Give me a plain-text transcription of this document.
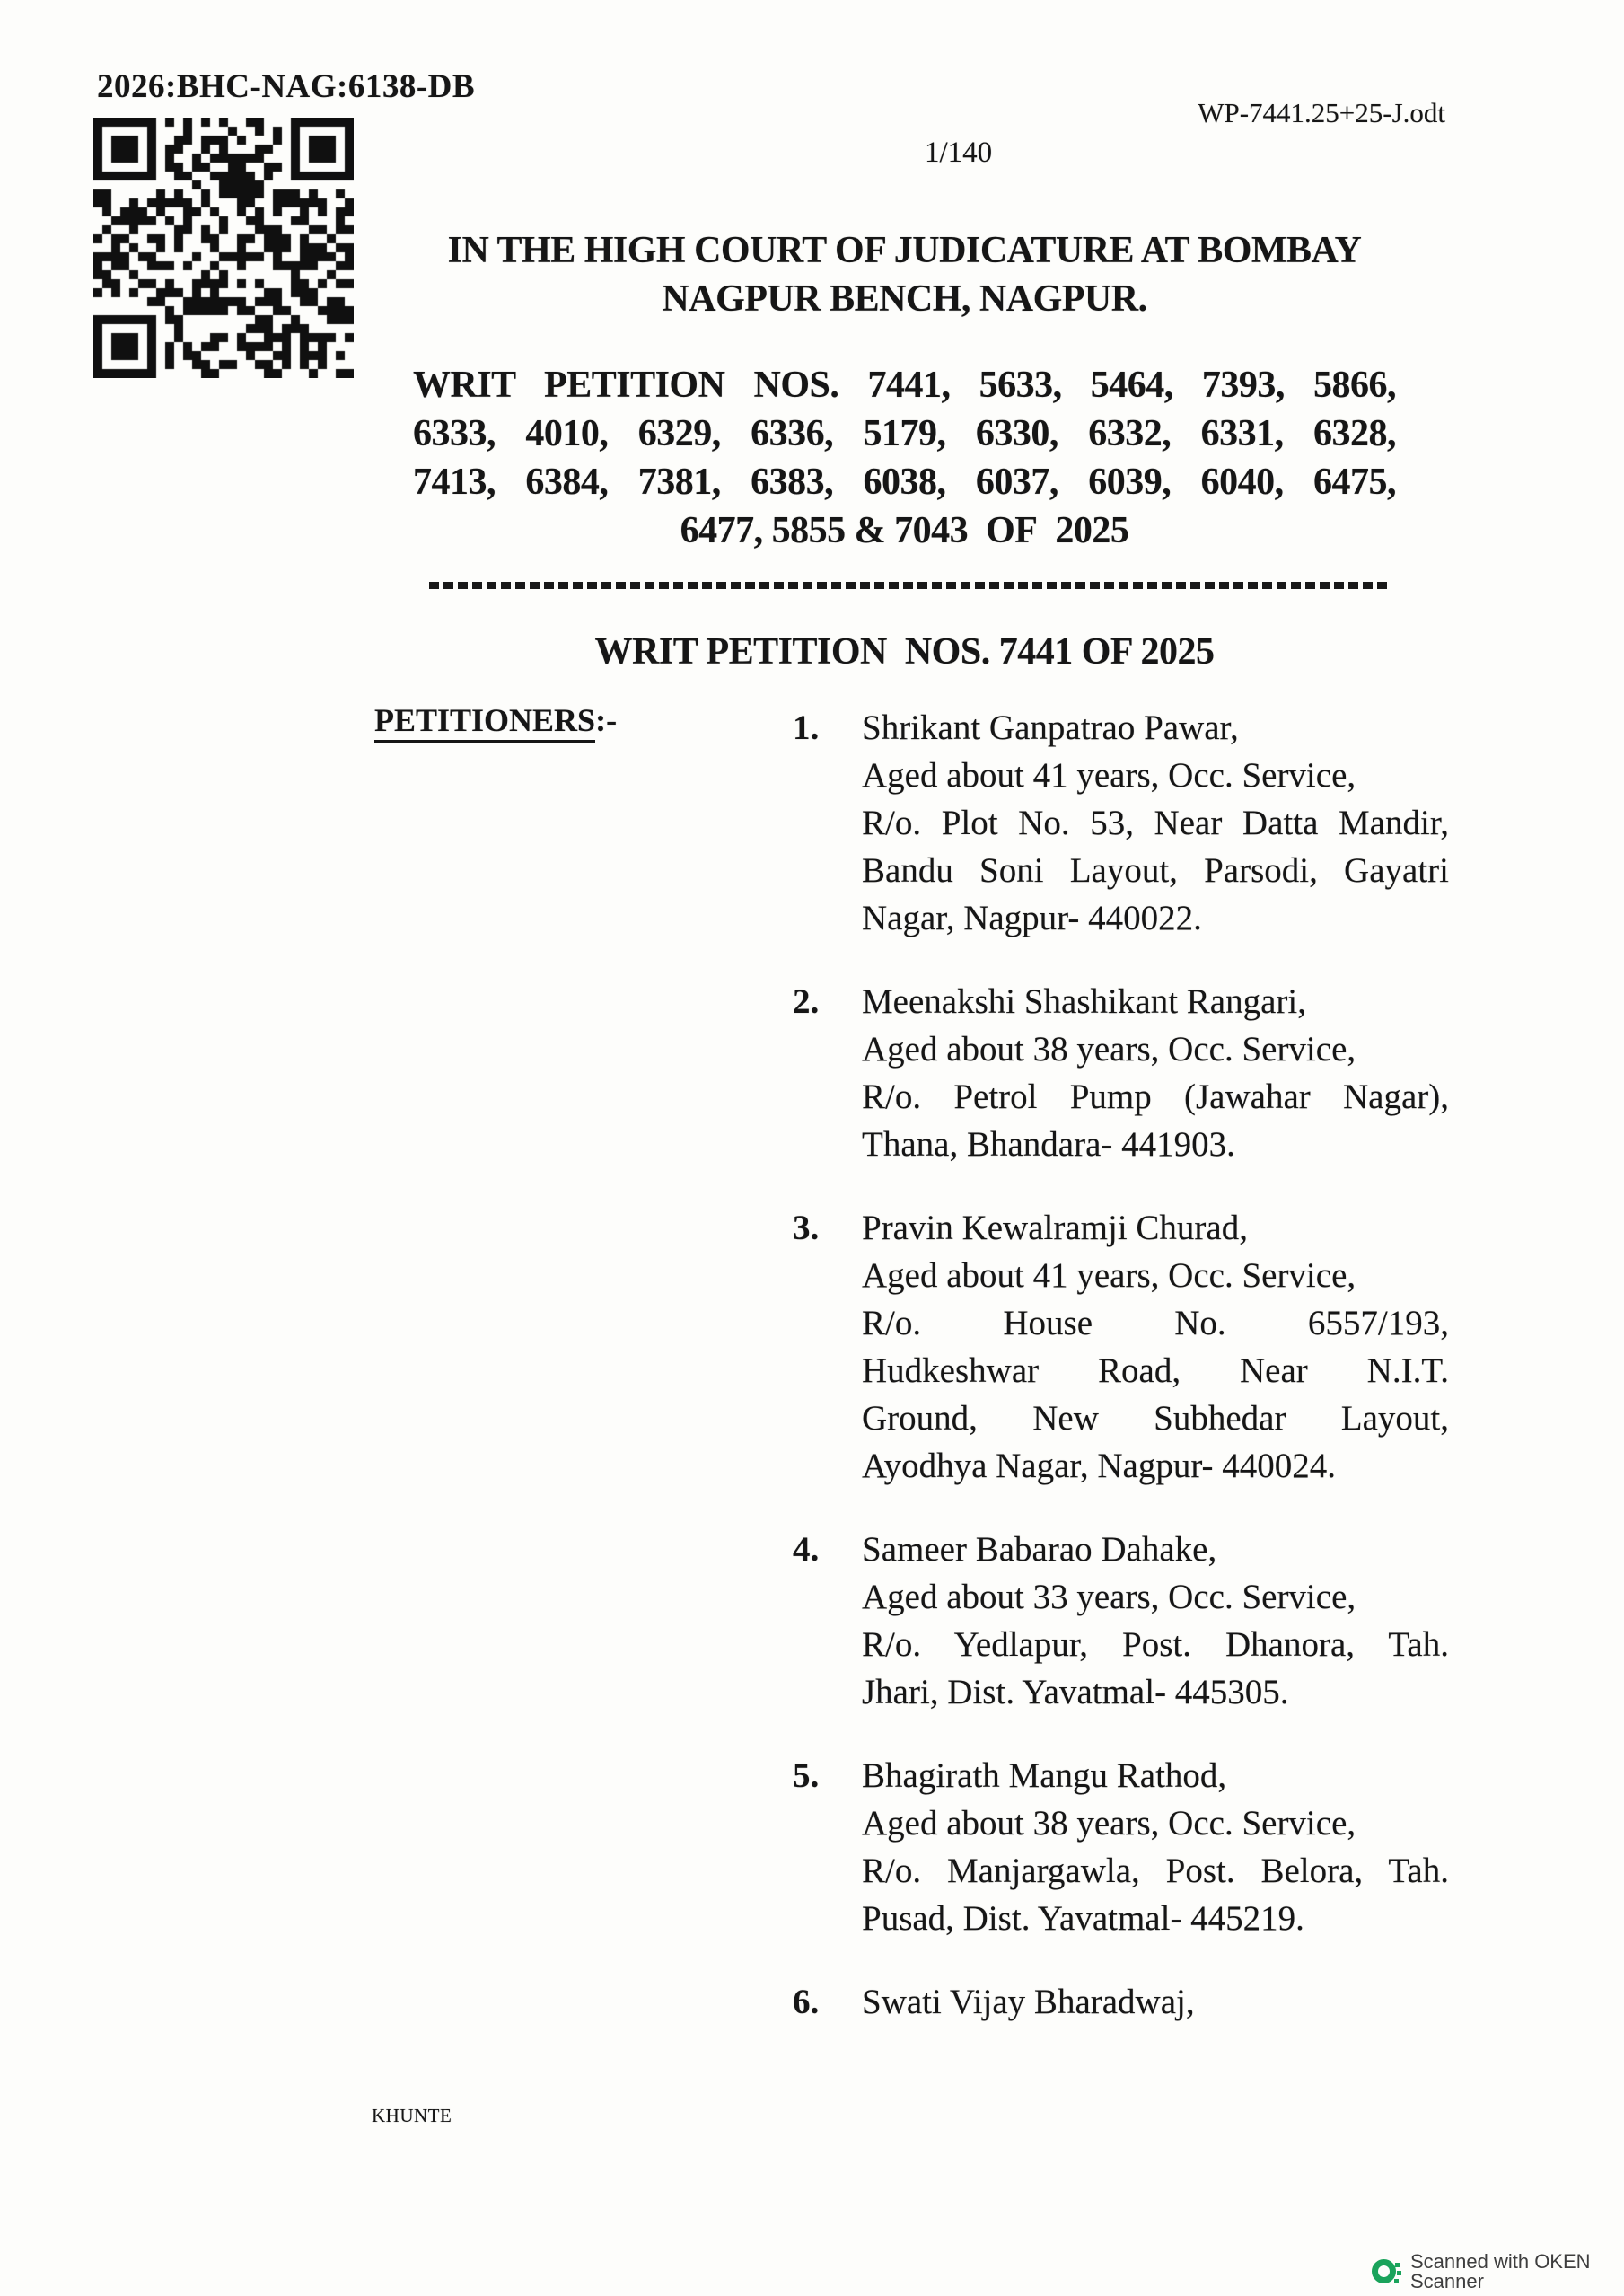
2026:BHC-NAG:6138-DB
WP-7441.25+25-J.odt
1/140
IN THE HIGH COURT OF JUDICATURE AT BOMBAY
NAGPUR BENCH, NAGPUR.
WRIT PETITION NOS. 7441, 5633, 5464, 7393, 5866,
6333, 4010, 6329, 6336, 5179, 6330, 6332, 6331, 6328,
7413, 6384, 7381, 6383, 6038, 6037, 6039, 6040, 6475,
6477, 5855 & 7043  OF  2025
WRIT PETITION  NOS. 7441 OF 2025
PETITIONERS:-	1.	Shrikant Ganpatrao Pawar,
Aged about 41 years, Occ. Service,
R/o. Plot No. 53, Near Datta Mandir,
Bandu Soni Layout, Parsodi, Gayatri
Nagar, Nagpur- 440022.
2.	Meenakshi Shashikant Rangari,
Aged about 38 years, Occ. Service,
R/o. Petrol Pump (Jawahar Nagar),
Thana, Bhandara- 441903.
3.	Pravin Kewalramji Churad,
Aged about 41 years, Occ. Service,
R/o. House No. 6557/193,
Hudkeshwar Road, Near N.I.T.
Ground, New Subhedar Layout,
Ayodhya Nagar, Nagpur- 440024.
4.	Sameer Babarao Dahake,
Aged about 33 years, Occ. Service,
R/o. Yedlapur, Post. Dhanora, Tah.
Jhari, Dist. Yavatmal- 445305.
5.	Bhagirath Mangu Rathod,
Aged about 38 years, Occ. Service,
R/o. Manjargawla, Post. Belora, Tah.
Pusad, Dist. Yavatmal- 445219.
6.	Swati Vijay Bharadwaj,
KHUNTE
Scanned with OKEN Scanner
